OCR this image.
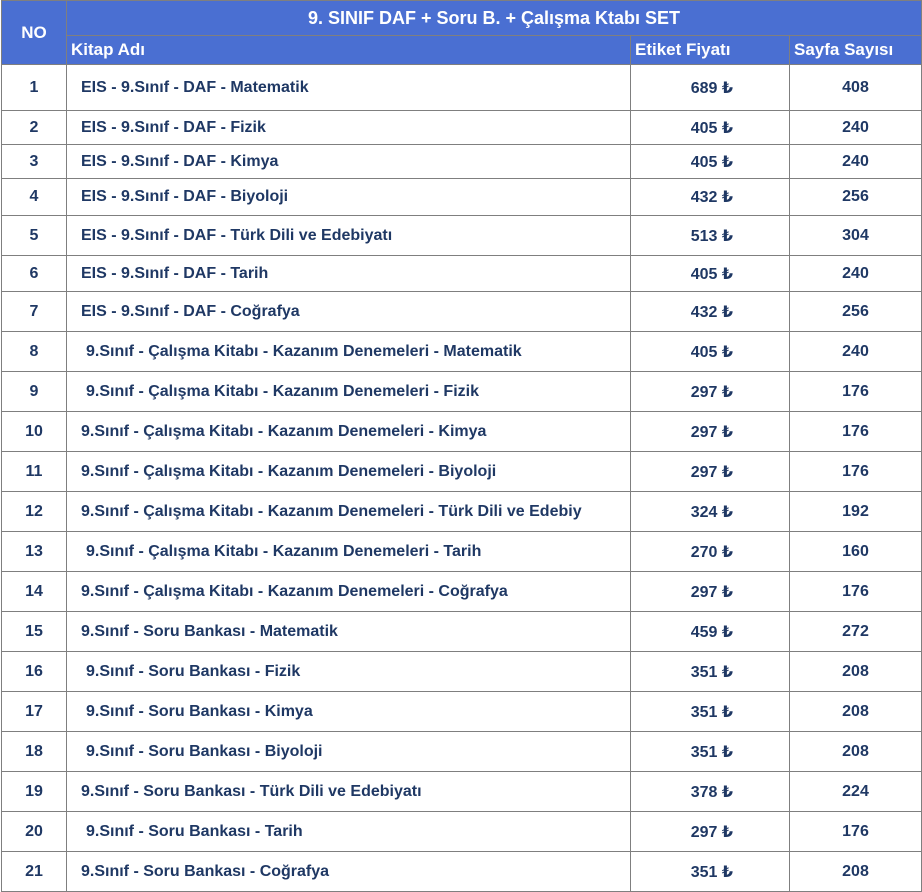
NO	9. SINIF DAF + Soru B. + Çalışma Ktabı SET		
	Kitap Adı	Etiket Fiyatı	Sayfa Sayısı
1	EIS - 9.Sınıf - DAF - Matematik	689 ₺	408
2	EIS - 9.Sınıf - DAF - Fizik	405 ₺	240
3	EIS - 9.Sınıf - DAF - Kimya	405 ₺	240
4	EIS - 9.Sınıf - DAF - Biyoloji	432 ₺	256
5	EIS - 9.Sınıf - DAF - Türk Dili ve Edebiyatı	513 ₺	304
6	EIS - 9.Sınıf - DAF - Tarih	405 ₺	240
7	EIS - 9.Sınıf - DAF - Coğrafya	432 ₺	256
8	9.Sınıf - Çalışma Kitabı - Kazanım Denemeleri - Matematik	405 ₺	240
9	9.Sınıf - Çalışma Kitabı - Kazanım Denemeleri - Fizik	297 ₺	176
10	9.Sınıf - Çalışma Kitabı - Kazanım Denemeleri - Kimya	297 ₺	176
11	9.Sınıf - Çalışma Kitabı - Kazanım Denemeleri - Biyoloji	297 ₺	176
12	9.Sınıf - Çalışma Kitabı - Kazanım Denemeleri - Türk Dili ve Edebiy	324 ₺	192
13	9.Sınıf - Çalışma Kitabı - Kazanım Denemeleri - Tarih	270 ₺	160
14	9.Sınıf - Çalışma Kitabı - Kazanım Denemeleri - Coğrafya	297 ₺	176
15	9.Sınıf - Soru Bankası - Matematik	459 ₺	272
16	9.Sınıf - Soru Bankası - Fizik	351 ₺	208
17	9.Sınıf - Soru Bankası - Kimya	351 ₺	208
18	9.Sınıf - Soru Bankası - Biyoloji	351 ₺	208
19	9.Sınıf - Soru Bankası - Türk Dili ve Edebiyatı	378 ₺	224
20	9.Sınıf - Soru Bankası - Tarih	297 ₺	176
21	9.Sınıf - Soru Bankası - Coğrafya	351 ₺	208
